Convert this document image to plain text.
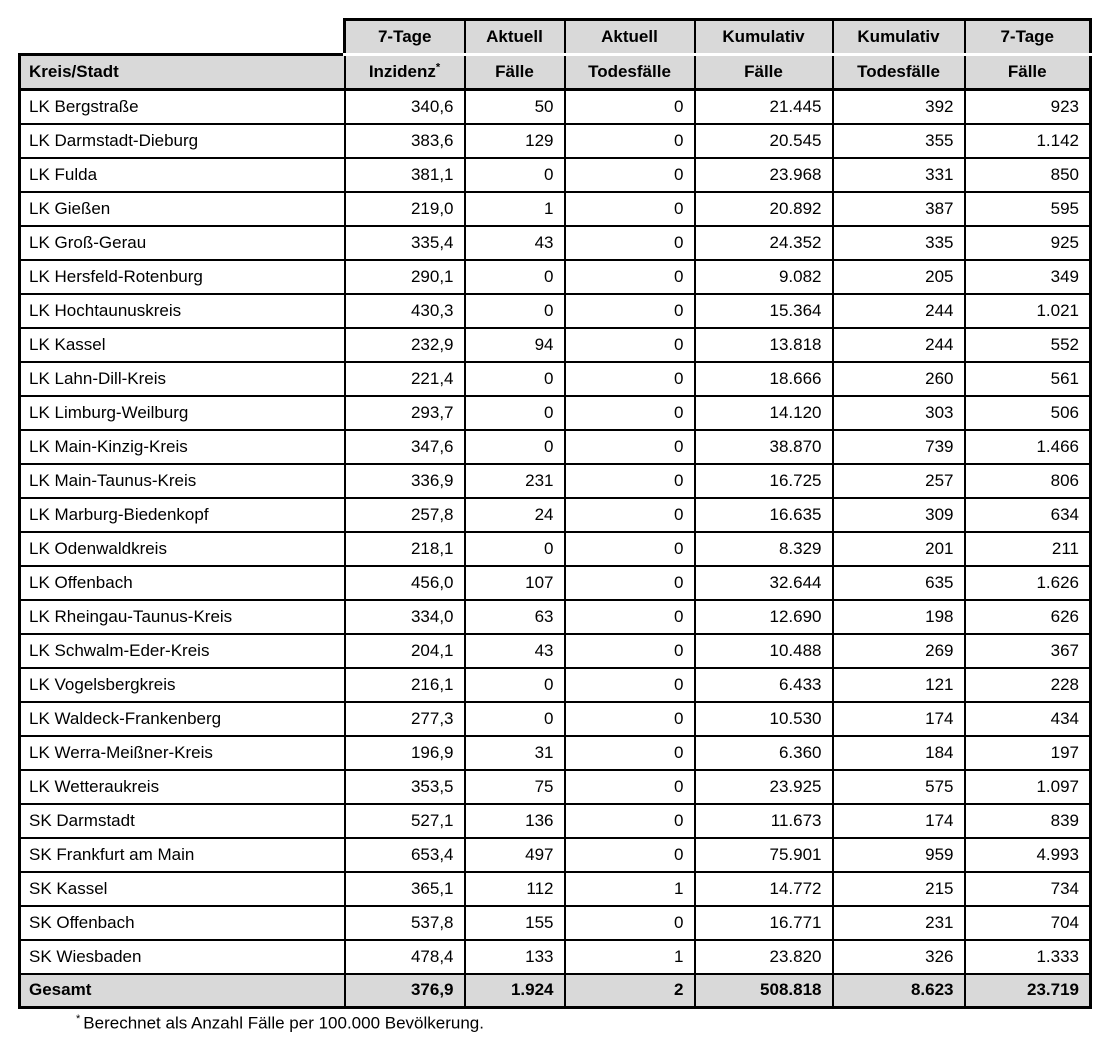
	7-Tage	Aktuell	Aktuell	Kumulativ	Kumulativ	7-Tage
Kreis/Stadt	Inzidenz*	Fälle	Todesfälle	Fälle	Todesfälle	Fälle
LK Bergstraße	340,6	50	0	21.445	392	923
LK Darmstadt-Dieburg	383,6	129	0	20.545	355	1.142
LK Fulda	381,1	0	0	23.968	331	850
LK Gießen	219,0	1	0	20.892	387	595
LK Groß-Gerau	335,4	43	0	24.352	335	925
LK Hersfeld-Rotenburg	290,1	0	0	9.082	205	349
LK Hochtaunuskreis	430,3	0	0	15.364	244	1.021
LK Kassel	232,9	94	0	13.818	244	552
LK Lahn-Dill-Kreis	221,4	0	0	18.666	260	561
LK Limburg-Weilburg	293,7	0	0	14.120	303	506
LK Main-Kinzig-Kreis	347,6	0	0	38.870	739	1.466
LK Main-Taunus-Kreis	336,9	231	0	16.725	257	806
LK Marburg-Biedenkopf	257,8	24	0	16.635	309	634
LK Odenwaldkreis	218,1	0	0	8.329	201	211
LK Offenbach	456,0	107	0	32.644	635	1.626
LK Rheingau-Taunus-Kreis	334,0	63	0	12.690	198	626
LK Schwalm-Eder-Kreis	204,1	43	0	10.488	269	367
LK Vogelsbergkreis	216,1	0	0	6.433	121	228
LK Waldeck-Frankenberg	277,3	0	0	10.530	174	434
LK Werra-Meißner-Kreis	196,9	31	0	6.360	184	197
LK Wetteraukreis	353,5	75	0	23.925	575	1.097
SK Darmstadt	527,1	136	0	11.673	174	839
SK Frankfurt am Main	653,4	497	0	75.901	959	4.993
SK Kassel	365,1	112	1	14.772	215	734
SK Offenbach	537,8	155	0	16.771	231	704
SK Wiesbaden	478,4	133	1	23.820	326	1.333
Gesamt	376,9	1.924	2	508.818	8.623	23.719
* Berechnet als Anzahl Fälle per 100.000 Bevölkerung.
